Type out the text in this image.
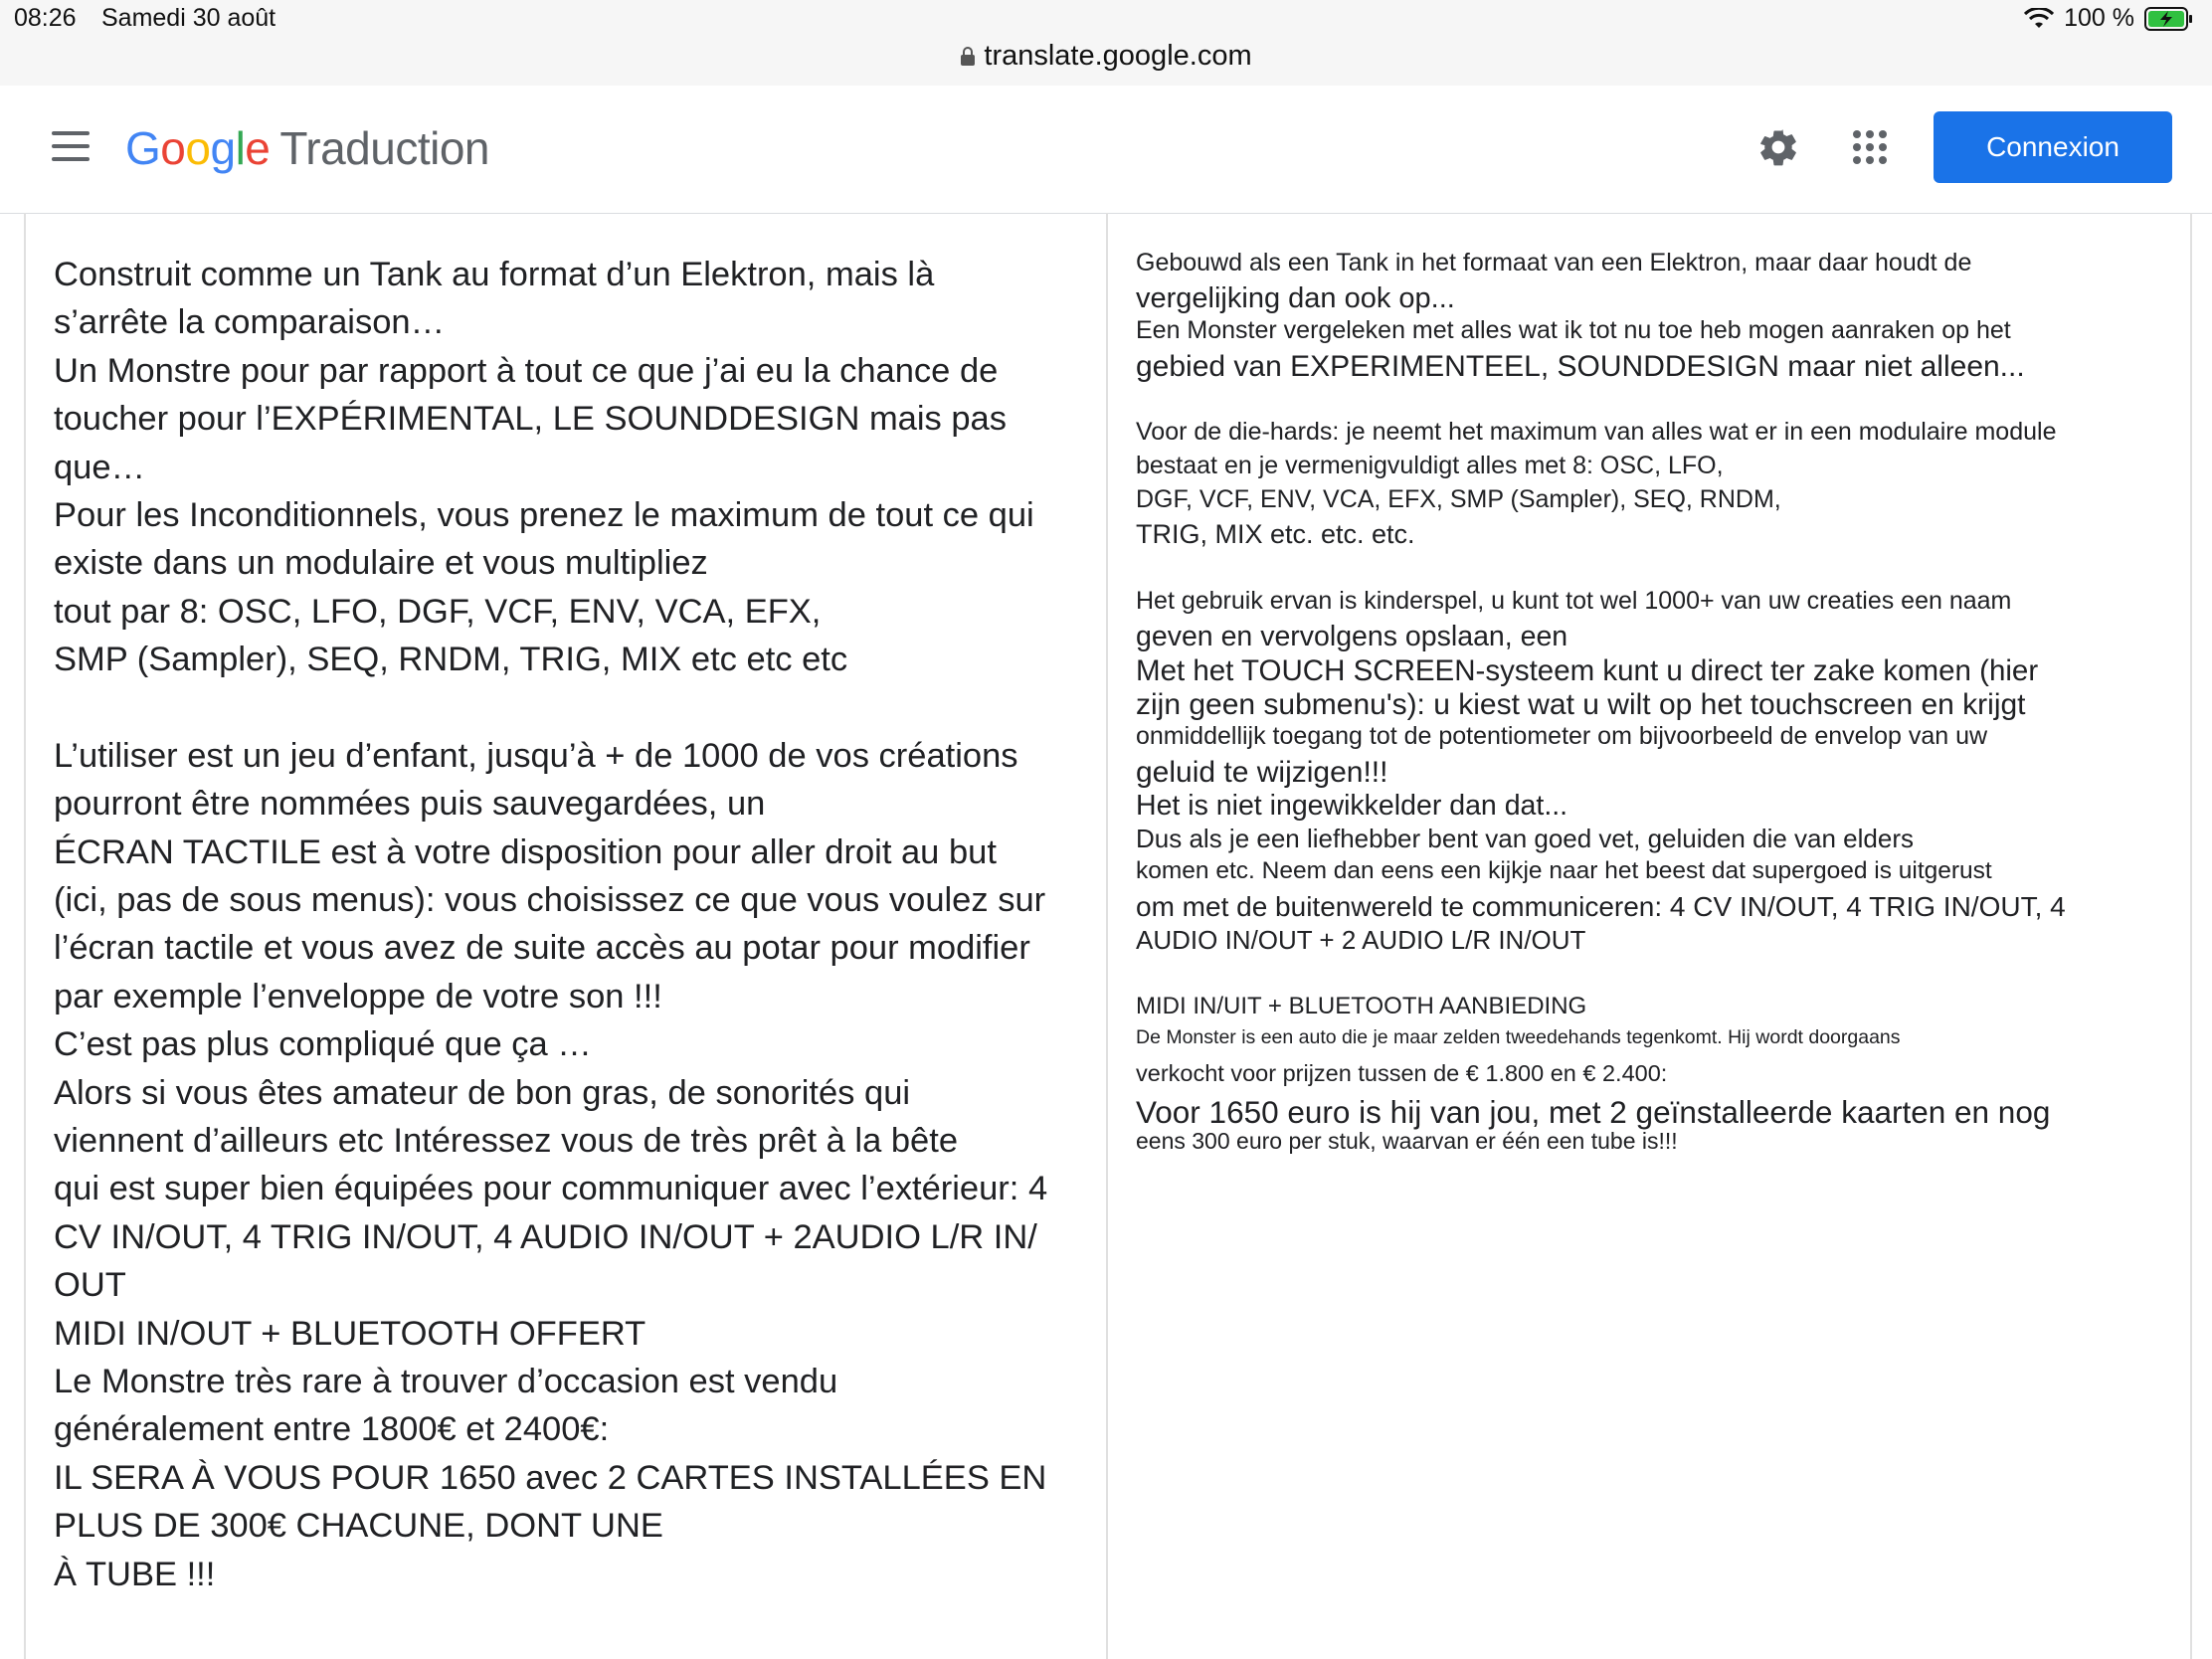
08:26 Samedi 30 août	100 %
translate.google.com
Google Traduction	Connexion
Construit comme un Tank au format d’un Elektron, mais là
s’arrête la comparaison…
Un Monstre pour par rapport à tout ce que j’ai eu la chance de
toucher pour l’EXPÉRIMENTAL, LE SOUNDDESIGN mais pas
que…
Pour les Inconditionnels, vous prenez le maximum de tout ce qui
existe dans un modulaire et vous multipliez
tout par 8: OSC, LFO, DGF, VCF, ENV, VCA, EFX,
SMP (Sampler), SEQ, RNDM, TRIG, MIX etc etc etc
L’utiliser est un jeu d’enfant, jusqu’à + de 1000 de vos créations
pourront être nommées puis sauvegardées, un
ÉCRAN TACTILE est à votre disposition pour aller droit au but
(ici, pas de sous menus): vous choisissez ce que vous voulez sur
l’écran tactile et vous avez de suite accès au potar pour modifier
par exemple l’enveloppe de votre son !!!
C’est pas plus compliqué que ça …
Alors si vous êtes amateur de bon gras, de sonorités qui
viennent d’ailleurs etc Intéressez vous de très prêt à la bête
qui est super bien équipées pour communiquer avec l’extérieur: 4
CV IN/OUT, 4 TRIG IN/OUT, 4 AUDIO IN/OUT + 2AUDIO L/R IN/
OUT
MIDI IN/OUT + BLUETOOTH OFFERT
Le Monstre très rare à trouver d’occasion est vendu
généralement entre 1800€ et 2400€:
IL SERA À VOUS POUR 1650 avec 2 CARTES INSTALLÉES EN
PLUS DE 300€ CHACUNE, DONT UNE
À TUBE !!!
Gebouwd als een Tank in het formaat van een Elektron, maar daar houdt de
vergelijking dan ook op...
Een Monster vergeleken met alles wat ik tot nu toe heb mogen aanraken op het
gebied van EXPERIMENTEEL, SOUNDDESIGN maar niet alleen...
Voor de die-hards: je neemt het maximum van alles wat er in een modulaire module
bestaat en je vermenigvuldigt alles met 8: OSC, LFO,
DGF, VCF, ENV, VCA, EFX, SMP (Sampler), SEQ, RNDM,
TRIG, MIX etc. etc. etc.
Het gebruik ervan is kinderspel, u kunt tot wel 1000+ van uw creaties een naam
geven en vervolgens opslaan, een
Met het TOUCH SCREEN-systeem kunt u direct ter zake komen (hier
zijn geen submenu's): u kiest wat u wilt op het touchscreen en krijgt
onmiddellijk toegang tot de potentiometer om bijvoorbeeld de envelop van uw
geluid te wijzigen!!!
Het is niet ingewikkelder dan dat...
Dus als je een liefhebber bent van goed vet, geluiden die van elders
komen etc. Neem dan eens een kijkje naar het beest dat supergoed is uitgerust
om met de buitenwereld te communiceren: 4 CV IN/OUT, 4 TRIG IN/OUT, 4
AUDIO IN/OUT + 2 AUDIO L/R IN/OUT
MIDI IN/UIT + BLUETOOTH AANBIEDING
De Monster is een auto die je maar zelden tweedehands tegenkomt. Hij wordt doorgaans
verkocht voor prijzen tussen de € 1.800 en € 2.400:
Voor 1650 euro is hij van jou, met 2 geïnstalleerde kaarten en nog
eens 300 euro per stuk, waarvan er één een tube is!!!
